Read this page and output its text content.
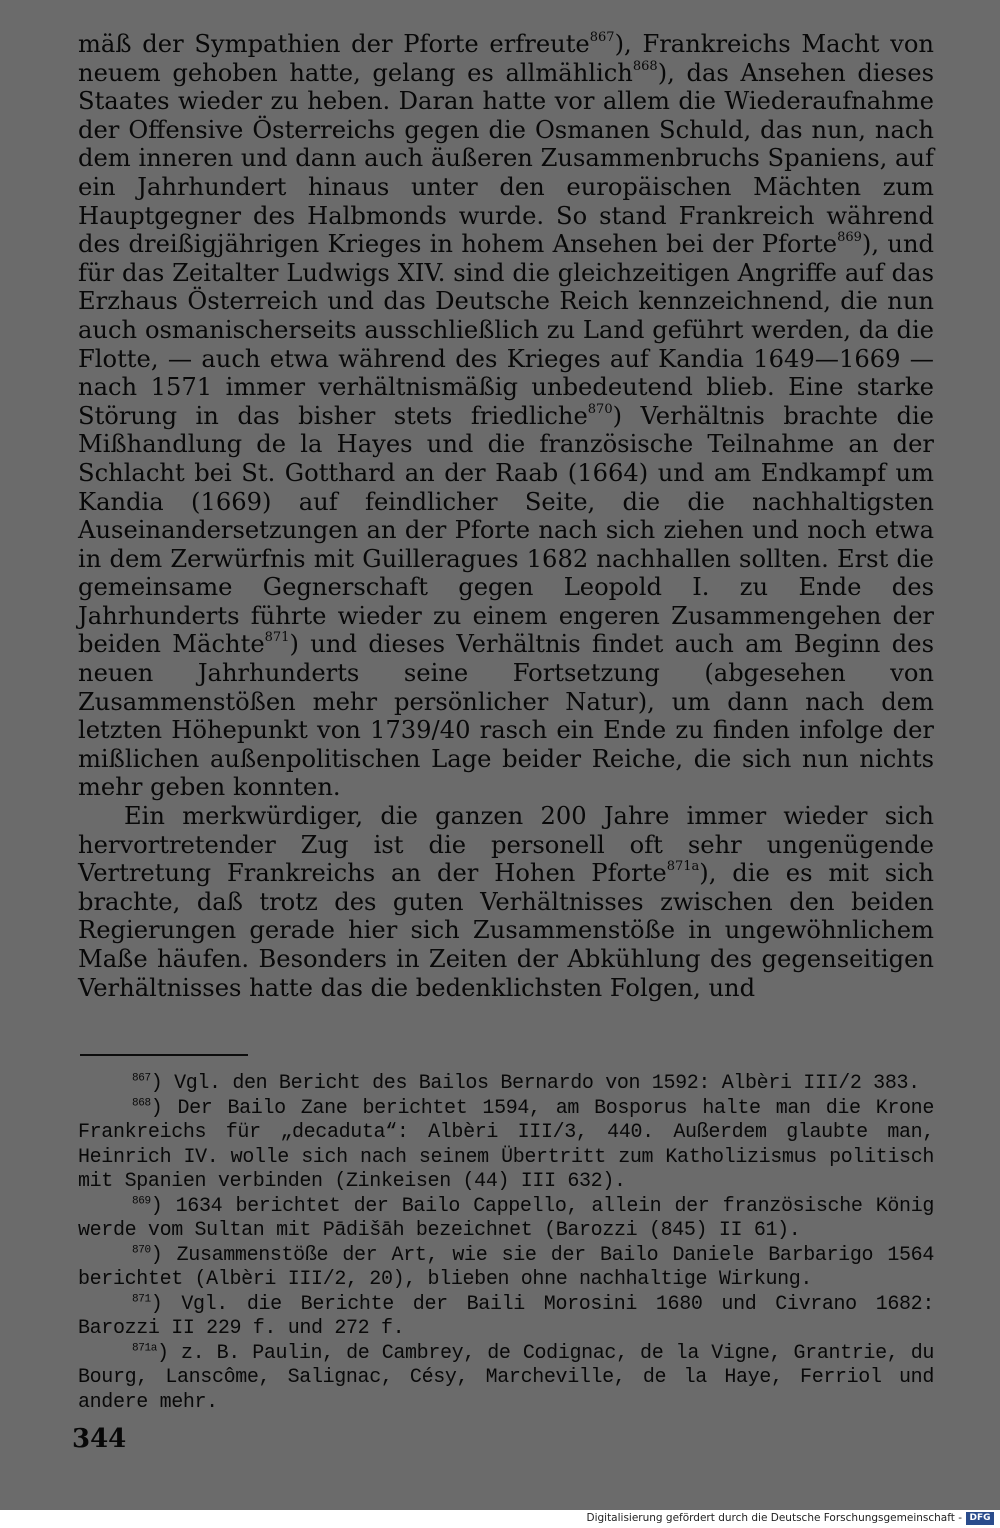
mäß der Sympathien der Pforte erfreute$^{867}$), Frankreichs Macht von neuem gehoben hatte, gelang es allmählich$^{868}$), das Ansehen dieses Staates wieder zu heben. Daran hatte vor allem die Wiederaufnahme der Offensive Österreichs gegen die Osmanen Schuld, das nun, nach dem inneren und dann auch äußeren Zusammenbruchs Spaniens, auf ein Jahrhundert hinaus unter den europäischen Mächten zum Hauptgegner des Halbmonds wurde. So stand Frankreich während des dreißigjährigen Krieges in hohem Ansehen bei der Pforte$^{869}$), und für das Zeitalter Ludwigs XIV. sind die gleichzeitigen Angriffe auf das Erzhaus Österreich und das Deutsche Reich kennzeichnend, die nun auch osmanischerseits ausschließlich zu Land geführt werden, da die Flotte, — auch etwa während des Krieges auf Kandia 1649—1669 — nach 1571 immer verhältnismäßig unbedeutend blieb. Eine starke Störung in das bisher stets friedliche$^{870}$) Verhältnis brachte die Mißhandlung de la Hayes und die französische Teilnahme an der Schlacht bei St. Gotthard an der Raab (1664) und am Endkampf um Kandia (1669) auf feindlicher Seite, die die nachhaltigsten Auseinandersetzungen an der Pforte nach sich ziehen und noch etwa in dem Zerwürfnis mit Guilleragues 1682 nachhallen sollten. Erst die gemeinsame Gegnerschaft gegen Leopold I. zu Ende des Jahrhunderts führte wieder zu einem engeren Zusammengehen der beiden Mächte$^{871}$) und dieses Verhältnis findet auch am Beginn des neuen Jahrhunderts seine Fortsetzung (abgesehen von Zusammenstößen mehr persönlicher Natur), um dann nach dem letzten Höhepunkt von 1739/40 rasch ein Ende zu finden infolge der mißlichen außenpolitischen Lage beider Reiche, die sich nun nichts mehr geben konnten.

Ein merkwürdiger, die ganzen 200 Jahre immer wieder sich hervortretender Zug ist die personell oft sehr ungenügende Vertretung Frankreichs an der Hohen Pforte$^{871a}$), die es mit sich brachte, daß trotz des guten Verhältnisses zwischen den beiden Regierungen gerade hier sich Zusammenstöße in ungewöhnlichem Maße häufen. Besonders in Zeiten der Abkühlung des gegenseitigen Verhältnisses hatte das die bedenklichsten Folgen, und

$^{867}$) Vgl. den Bericht des Bailos Bernardo von 1592: Albèri III/2 383.

$^{868}$) Der Bailo Zane berichtet 1594, am Bosporus halte man die Krone Frankreichs für „decaduta“: Albèri III/3, 440. Außerdem glaubte man, Heinrich IV. wolle sich nach seinem Übertritt zum Katholizismus politisch mit Spanien verbinden (Zinkeisen (44) III 632).

$^{869}$) 1634 berichtet der Bailo Cappello, allein der französische König werde vom Sultan mit Pādišāh bezeichnet (Barozzi (845) II 61).

$^{870}$) Zusammenstöße der Art, wie sie der Bailo Daniele Barbarigo 1564 berichtet (Albèri III/2, 20), blieben ohne nachhaltige Wirkung.

$^{871}$) Vgl. die Berichte der Baili Morosini 1680 und Civrano 1682: Barozzi II 229 f. und 272 f.

$^{871a}$) z. B. Paulin, de Cambrey, de Codignac, de la Vigne, Grantrie, du Bourg, Lanscôme, Salignac, Césy, Marcheville, de la Haye, Ferriol und andere mehr.

344
Digitalisierung gefördert durch die Deutsche Forschungsgemeinschaft - DFG
